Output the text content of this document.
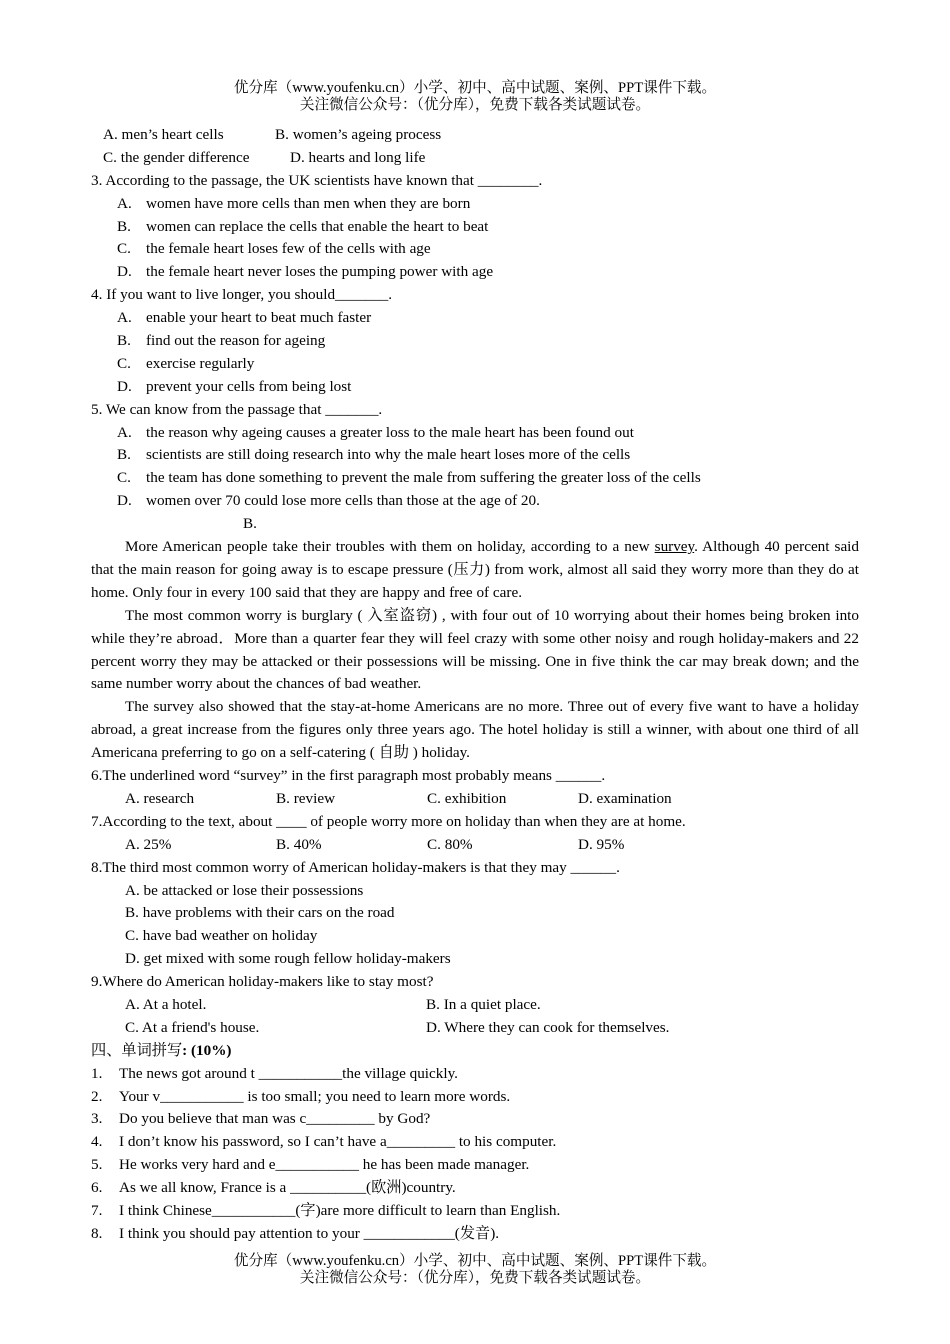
优分库（www.youfenku.cn）小学、初中、高中试题、案例、PPT课件下载。
关注微信公众号：（优分库），免费下载各类试题试卷。
A. men’s heart cells	B. women’s ageing process
C. the gender difference	D. hearts and long life
3. According to the passage, the UK scientists have known that ________.
A. women have more cells than men when they are born
B. women can replace the cells that enable the heart to beat
C. the female heart loses few of the cells with age
D. the female heart never loses the pumping power with age
4. If you want to live longer, you should_______.
A. enable your heart to beat much faster
B. find out the reason for ageing
C. exercise regularly
D. prevent your cells from being lost
5. We can know from the passage that _______.
A. the reason why ageing causes a greater loss to the male heart has been found out
B. scientists are still doing research into why the male heart loses more of the cells
C. the team has done something to prevent the male from suffering the greater loss of the cells
D. women over 70 could lose more cells than those at the age of 20.
B.

More American people take their troubles with them on holiday, according to a new survey. Although 40 percent said that the main reason for going away is to escape pressure (压力) from work, almost all said they worry more than they do at home. Only four in every 100 said that they are happy and free of care.

The most common worry is burglary ( 入室盗窃) , with four out of 10 worrying about their homes being broken into while they’re abroad．More than a quarter fear they will feel crazy with some other noisy and rough holiday-makers and 22 percent worry they may be attacked or their possessions will be missing. One in five think the car may break down; and the same number worry about the chances of bad weather.

The survey also showed that the stay-at-home Americans are no more. Three out of every five want to have a holiday abroad, a great increase from the figures only three years ago. The hotel holiday is still a winner, with about one third of all Americana preferring to go on a self-catering ( 自助 ) holiday.

6.The underlined word “survey” in the first paragraph most probably means ______.
A. research	B. review	C. exhibition	D. examination
7.According to the text, about ____ of people worry more on holiday than when they are at home.
A. 25%	B. 40%	C. 80%	D. 95%
8.The third most common worry of American holiday-makers is that they may ______.
A. be attacked or lose their possessions
B. have problems with their cars on the road
C. have bad weather on holiday
D. get mixed with some rough fellow holiday-makers
9.Where do American holiday-makers like to stay most?
A. At a hotel.	B. In a quiet place.
C. At a friend's house.	D. Where they can cook for themselves.
四、单词拼写: (10%)
1. The news got around t ___________the village quickly.
2. Your v___________ is too small; you need to learn more words.
3. Do you believe that man was c_________ by God?
4. I don’t know his password, so I can’t have a_________ to his computer.
5. He works very hard and e___________ he has been made manager.
6. As we all know, France is a __________(欧洲)country.
7. I think Chinese___________(字)are more difficult to learn than English.
8. I think you should pay attention to your ____________(发音).
优分库（www.youfenku.cn）小学、初中、高中试题、案例、PPT课件下载。
关注微信公众号：（优分库），免费下载各类试题试卷。
